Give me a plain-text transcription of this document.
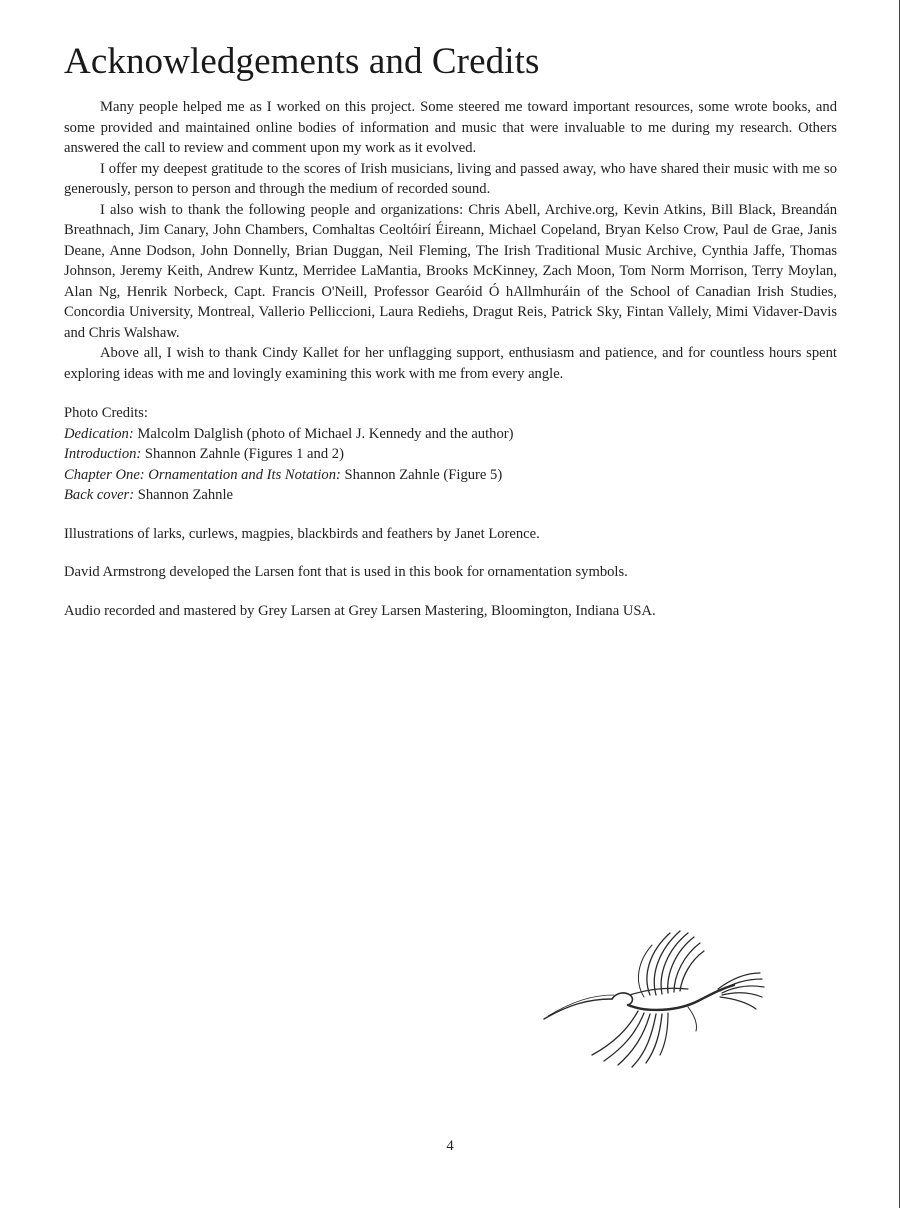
Acknowledgements and Credits

Many people helped me as I worked on this project. Some steered me toward important resources, some wrote books, and some provided and maintained online bodies of information and music that were invaluable to me during my research. Others answered the call to review and comment upon my work as it evolved.

I offer my deepest gratitude to the scores of Irish musicians, living and passed away, who have shared their music with me so generously, person to person and through the medium of recorded sound.

I also wish to thank the following people and organizations: Chris Abell, Archive.org, Kevin Atkins, Bill Black, Breandán Breathnach, Jim Canary, John Chambers, Comhaltas Ceoltóirí Éireann, Michael Copeland, Bryan Kelso Crow, Paul de Grae, Janis Deane, Anne Dodson, John Donnelly, Brian Duggan, Neil Fleming, The Irish Traditional Music Archive, Cynthia Jaffe, Thomas Johnson, Jeremy Keith, Andrew Kuntz, Merridee LaMantia, Brooks McKinney, Zach Moon, Tom Norm Morrison, Terry Moylan, Alan Ng, Henrik Norbeck, Capt. Francis O'Neill, Professor Gearóid Ó hAllmhuráin of the School of Canadian Irish Studies, Concordia University, Montreal, Vallerio Pelliccioni, Laura Rediehs, Dragut Reis, Patrick Sky, Fintan Vallely, Mimi Vidaver-Davis and Chris Walshaw.

Above all, I wish to thank Cindy Kallet for her unflagging support, enthusiasm and patience, and for countless hours spent exploring ideas with me and lovingly examining this work with me from every angle.

Photo Credits:
Dedication: Malcolm Dalglish (photo of Michael J. Kennedy and the author)
Introduction: Shannon Zahnle (Figures 1 and 2)
Chapter One: Ornamentation and Its Notation: Shannon Zahnle (Figure 5)
Back cover: Shannon Zahnle

Illustrations of larks, curlews, magpies, blackbirds and feathers by Janet Lorence.

David Armstrong developed the Larsen font that is used in this book for ornamentation symbols.

Audio recorded and mastered by Grey Larsen at Grey Larsen Mastering, Bloomington, Indiana USA.

4
